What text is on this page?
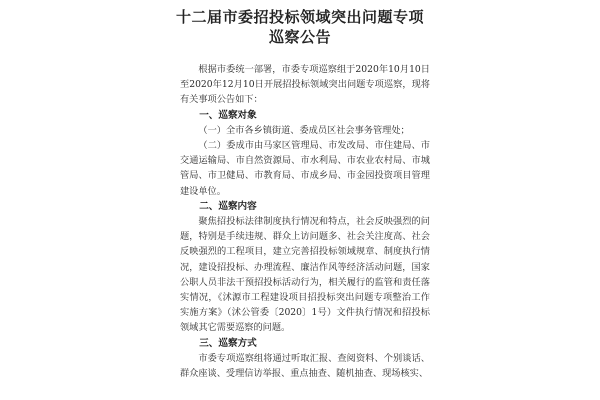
十二届市委招投标领域突出问题专项
巡察公告

根据市委统一部署，市委专项巡察组于2020年10月10日至2020年12月10日开展招投标领域突出问题专项巡察，现将有关事项公告如下：

一、巡察对象

（一）全市各乡镇街道、委成员区社会事务管理处；

（二）委成市由马家区管理局、市发改局、市住建局、市交通运输局、市自然资源局、市水利局、市农业农村局、市城管局、市卫健局、市教育局、市成乡局、市金园投资项目管理建设单位。

二、巡察内容

聚焦招投标法律制度执行情况和特点，社会反映强烈的问题，特别是手续违规、群众上访问题多、社会关注度高、社会反映强烈的工程项目，建立完善招投标领域规章、制度执行情况，建设招投标、办理流程、廉洁作风等经济活动问题，国家公职人员非法干预招投标活动行为，相关履行的监管和责任落实情况，《沭源市工程建设项目招投标突出问题专项整治工作实施方案》（沭公管委〔2020〕1号）文件执行情况和招投标领域其它需要巡察的问题。

三、巡察方式

市委专项巡察组将通过听取汇报、查阅资料、个别谈话、群众座谈、受理信访举报、重点抽查、随机抽查、现场核实、
